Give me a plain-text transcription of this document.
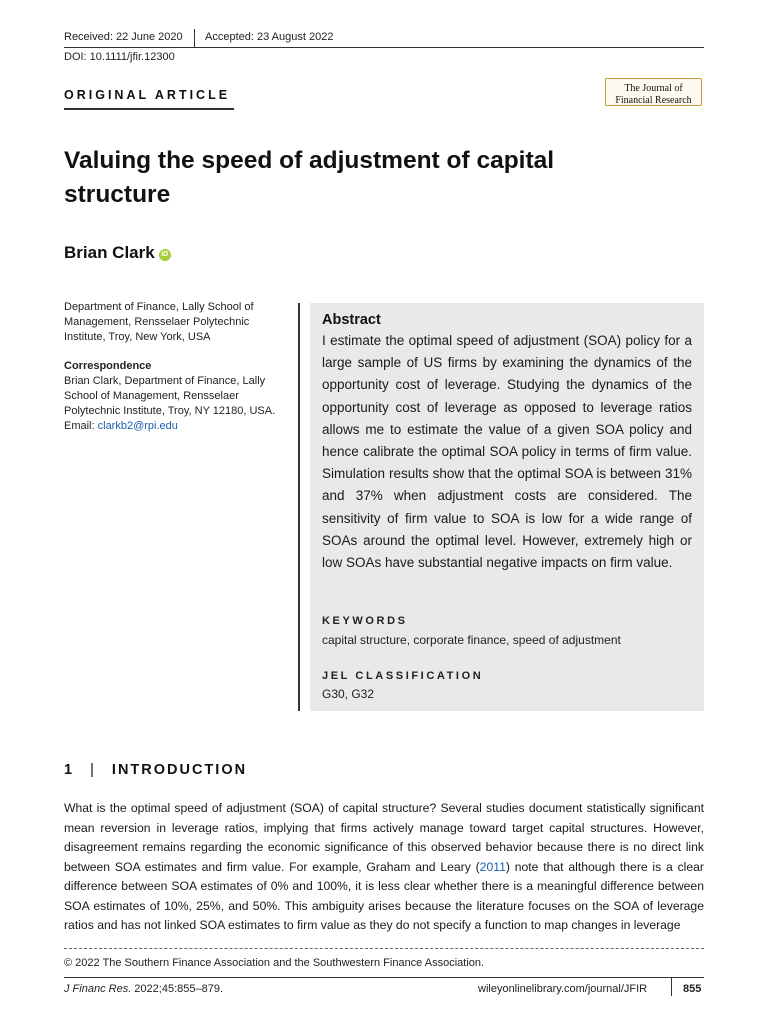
Received: 22 June 2020 Accepted: 23 August 2022
DOI: 10.1111/jfir.12300
ORIGINAL ARTICLE	The Journal of
Financial Research
Valuing the speed of adjustment of capital structure
Brian Clark iD
Department of Finance, Lally School of Management, Rensselaer Polytechnic Institute, Troy, New York, USA
Correspondence
Brian Clark, Department of Finance, Lally School of Management, Rensselaer Polytechnic Institute, Troy, NY 12180, USA.
Email: clarkb2@rpi.edu
Abstract
I estimate the optimal speed of adjustment (SOA) policy for a large sample of US firms by examining the dynamics of the opportunity cost of leverage. Studying the dynamics of the opportunity cost of leverage as opposed to leverage ratios allows me to estimate the value of a given SOA policy and hence calibrate the optimal SOA policy in terms of firm value. Simulation results show that the optimal SOA is between 31% and 37% when adjustment costs are considered. The sensitivity of firm value to SOA is low for a wide range of SOAs around the optimal level. However, extremely high or low SOAs have substantial negative impacts on firm value.
KEYWORDS
capital structure, corporate finance, speed of adjustment
JEL CLASSIFICATION
G30, G32
1 | INTRODUCTION
What is the optimal speed of adjustment (SOA) of capital structure? Several studies document statistically significant mean reversion in leverage ratios, implying that firms actively manage toward target capital structures. However, disagreement remains regarding the economic significance of this observed behavior because there is no direct link between SOA estimates and firm value. For example, Graham and Leary (2011) note that although there is a clear difference between SOA estimates of 0% and 100%, it is less clear whether there is a meaningful difference between SOA estimates of 10%, 25%, and 50%. This ambiguity arises because the literature focuses on the SOA of leverage ratios and has not linked SOA estimates to firm value as they do not specify a function to map changes in leverage
© 2022 The Southern Finance Association and the Southwestern Finance Association.
J Financ Res. 2022;45:855–879.	wileyonlinelibrary.com/journal/JFIR	855
